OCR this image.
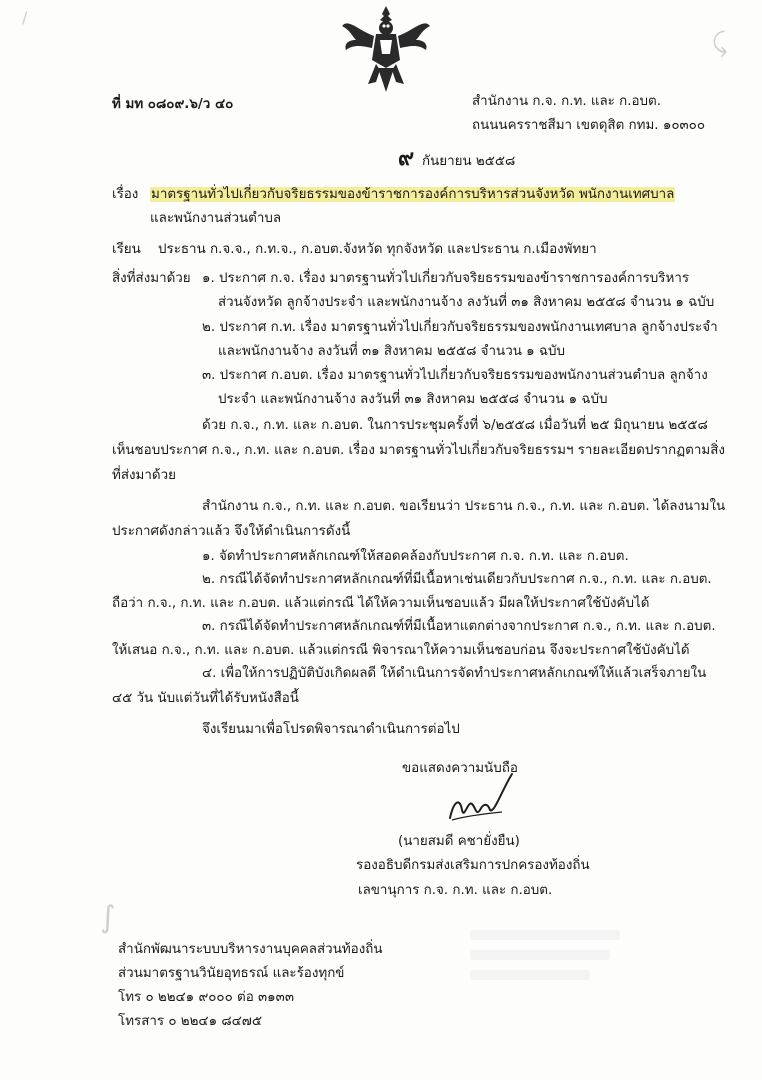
⤹
∕
∫
ที่ มท ๐๘๐๙.๖/ว ๔๐	สำนักงาน ก.จ. ก.ท. และ ก.อบต.
ถนนนครราชสีมา เขตดุสิต กทม. ๑๐๓๐๐
๙ กันยายน ๒๕๕๘
เรื่อง มาตรฐานทั่วไปเกี่ยวกับจริยธรรมของข้าราชการองค์การบริหารส่วนจังหวัด พนักงานเทศบาล
และพนักงานส่วนตำบล
เรียน ประธาน ก.จ.จ., ก.ท.จ., ก.อบต.จังหวัด ทุกจังหวัด และประธาน ก.เมืองพัทยา
สิ่งที่ส่งมาด้วย ๑. ประกาศ ก.จ. เรื่อง มาตรฐานทั่วไปเกี่ยวกับจริยธรรมของข้าราชการองค์การบริหาร
ส่วนจังหวัด ลูกจ้างประจำ และพนักงานจ้าง ลงวันที่ ๓๑ สิงหาคม ๒๕๕๘ จำนวน ๑ ฉบับ
๒. ประกาศ ก.ท. เรื่อง มาตรฐานทั่วไปเกี่ยวกับจริยธรรมของพนักงานเทศบาล ลูกจ้างประจำ
และพนักงานจ้าง ลงวันที่ ๓๑ สิงหาคม ๒๕๕๘ จำนวน ๑ ฉบับ
๓. ประกาศ ก.อบต. เรื่อง มาตรฐานทั่วไปเกี่ยวกับจริยธรรมของพนักงานส่วนตำบล ลูกจ้าง
ประจำ และพนักงานจ้าง ลงวันที่ ๓๑ สิงหาคม ๒๕๕๘ จำนวน ๑ ฉบับ
ด้วย ก.จ., ก.ท. และ ก.อบต. ในการประชุมครั้งที่ ๖/๒๕๕๘ เมื่อวันที่ ๒๕ มิถุนายน ๒๕๕๘
เห็นชอบประกาศ ก.จ., ก.ท. และ ก.อบต. เรื่อง มาตรฐานทั่วไปเกี่ยวกับจริยธรรมฯ รายละเอียดปรากฏตามสิ่ง
ที่ส่งมาด้วย
สำนักงาน ก.จ., ก.ท. และ ก.อบต. ขอเรียนว่า ประธาน ก.จ., ก.ท. และ ก.อบต. ได้ลงนามใน
ประกาศดังกล่าวแล้ว จึงให้ดำเนินการดังนี้
๑. จัดทำประกาศหลักเกณฑ์ให้สอดคล้องกับประกาศ ก.จ. ก.ท. และ ก.อบต.
๒. กรณีได้จัดทำประกาศหลักเกณฑ์ที่มีเนื้อหาเช่นเดียวกับประกาศ ก.จ., ก.ท. และ ก.อบต.
ถือว่า ก.จ., ก.ท. และ ก.อบต. แล้วแต่กรณี ได้ให้ความเห็นชอบแล้ว มีผลให้ประกาศใช้บังคับได้
๓. กรณีได้จัดทำประกาศหลักเกณฑ์ที่มีเนื้อหาแตกต่างจากประกาศ ก.จ., ก.ท. และ ก.อบต.
ให้เสนอ ก.จ., ก.ท. และ ก.อบต. แล้วแต่กรณี พิจารณาให้ความเห็นชอบก่อน จึงจะประกาศใช้บังคับได้
๔. เพื่อให้การปฏิบัติบังเกิดผลดี ให้ดำเนินการจัดทำประกาศหลักเกณฑ์ให้แล้วเสร็จภายใน
๔๕ วัน นับแต่วันที่ได้รับหนังสือนี้
จึงเรียนมาเพื่อโปรดพิจารณาดำเนินการต่อไป
ขอแสดงความนับถือ
(นายสมดี คชายั่งยืน)
รองอธิบดีกรมส่งเสริมการปกครองท้องถิ่น
เลขานุการ ก.จ. ก.ท. และ ก.อบต.
สำนักพัฒนาระบบบริหารงานบุคคลส่วนท้องถิ่น
ส่วนมาตรฐานวินัยอุทธรณ์ และร้องทุกข์
โทร ๐ ๒๒๔๑ ๙๐๐๐ ต่อ ๓๑๓๓
โทรสาร ๐ ๒๒๔๑ ๘๔๗๕
